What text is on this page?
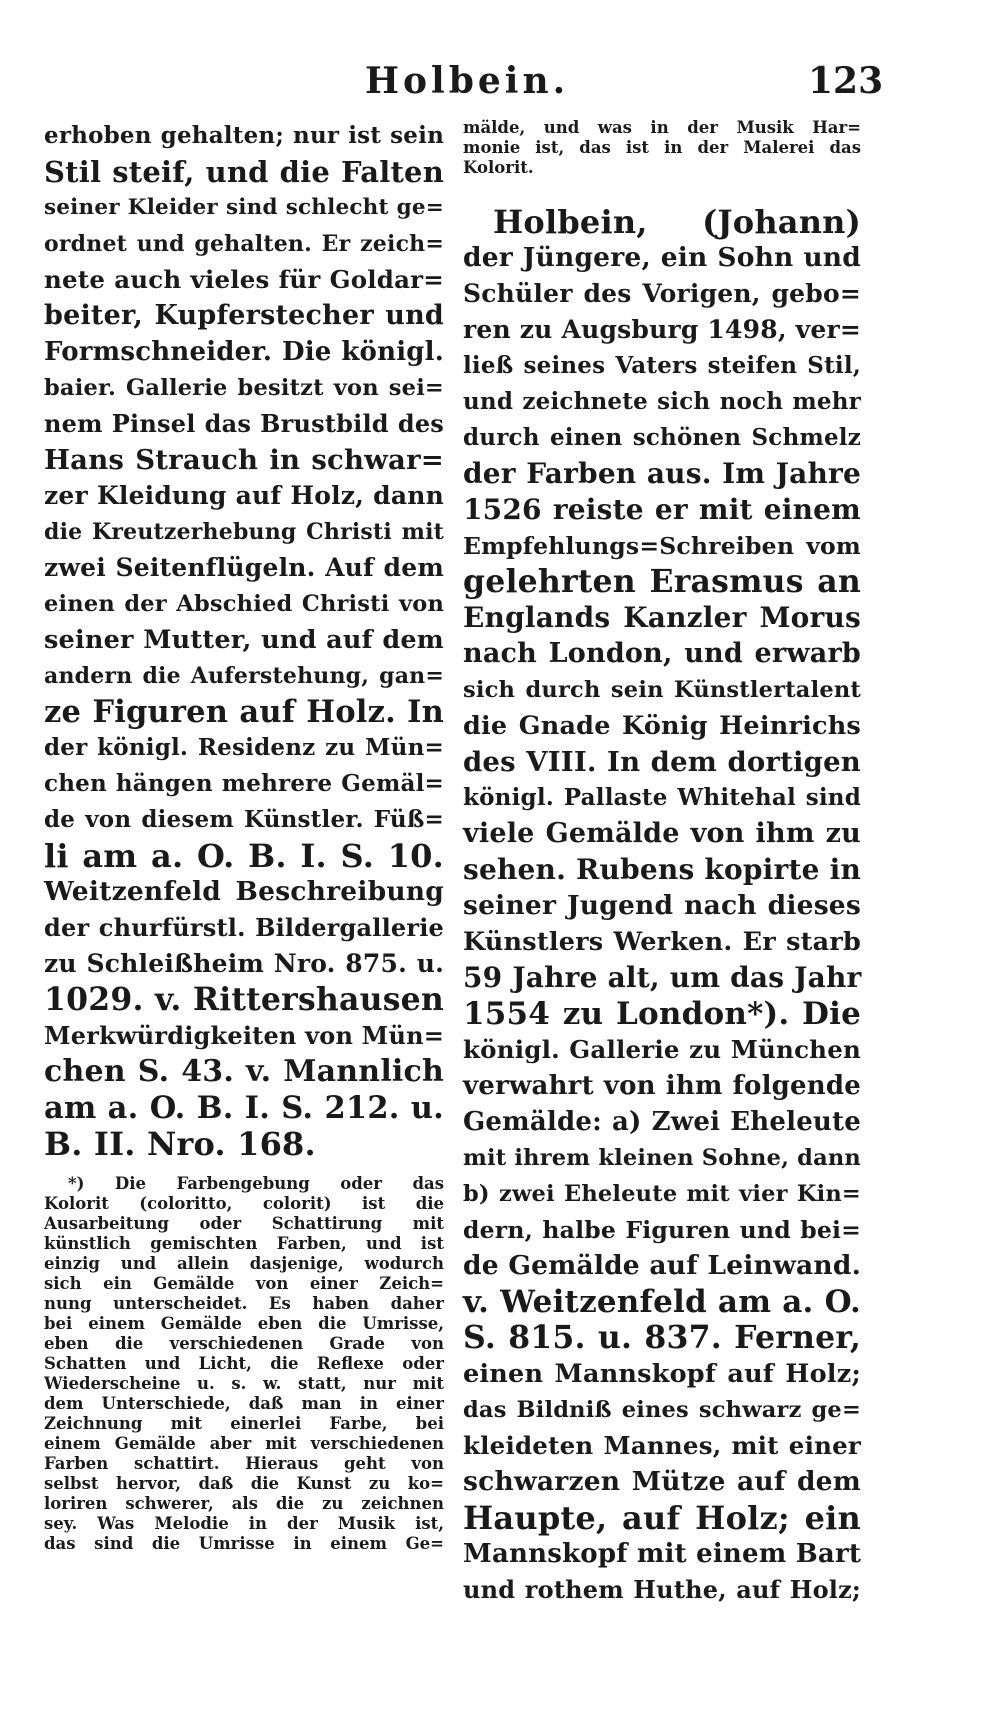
Holbein.	123
erhoben gehalten; nur ist sein
Stil steif, und die Falten
seiner Kleider sind schlecht ge=
ordnet und gehalten. Er zeich=
nete auch vieles für Goldar=
beiter, Kupferstecher und
Formschneider. Die königl.
baier. Gallerie besitzt von sei=
nem Pinsel das Brustbild des
Hans Strauch in schwar=
zer Kleidung auf Holz, dann
die Kreutzerhebung Christi mit
zwei Seitenflügeln. Auf dem
einen der Abschied Christi von
seiner Mutter, und auf dem
andern die Auferstehung, gan=
ze Figuren auf Holz. In
der königl. Residenz zu Mün=
chen hängen mehrere Gemäl=
de von diesem Künstler. Füß=
li am a. O. B. I. S. 10.
Weitzenfeld Beschreibung
der churfürstl. Bildergallerie
zu Schleißheim Nro. 875. u.
1029. v. Rittershausen
Merkwürdigkeiten von Mün=
chen S. 43. v. Mannlich
am a. O. B. I. S. 212. u.
B. II. Nro. 168.
*) Die Farbengebung oder das
Kolorit (coloritto, colorit) ist die
Ausarbeitung oder Schattirung mit
künstlich gemischten Farben, und ist
einzig und allein dasjenige, wodurch
sich ein Gemälde von einer Zeich=
nung unterscheidet. Es haben daher
bei einem Gemälde eben die Umrisse,
eben die verschiedenen Grade von
Schatten und Licht, die Reflexe oder
Wiederscheine u. s. w. statt, nur mit
dem Unterschiede, daß man in einer
Zeichnung mit einerlei Farbe, bei
einem Gemälde aber mit verschiedenen
Farben schattirt. Hieraus geht von
selbst hervor, daß die Kunst zu ko=
loriren schwerer, als die zu zeichnen
sey. Was Melodie in der Musik ist,
das sind die Umrisse in einem Ge=
mälde, und was in der Musik Har=
monie ist, das ist in der Malerei das
Kolorit.
Holbein, (Johann)
der Jüngere, ein Sohn und
Schüler des Vorigen, gebo=
ren zu Augsburg 1498, ver=
ließ seines Vaters steifen Stil,
und zeichnete sich noch mehr
durch einen schönen Schmelz
der Farben aus. Im Jahre
1526 reiste er mit einem
Empfehlungs=Schreiben vom
gelehrten Erasmus an
Englands Kanzler Morus
nach London, und erwarb
sich durch sein Künstlertalent
die Gnade König Heinrichs
des VIII. In dem dortigen
königl. Pallaste Whitehal sind
viele Gemälde von ihm zu
sehen. Rubens kopirte in
seiner Jugend nach dieses
Künstlers Werken. Er starb
59 Jahre alt, um das Jahr
1554 zu London*). Die
königl. Gallerie zu München
verwahrt von ihm folgende
Gemälde: a) Zwei Eheleute
mit ihrem kleinen Sohne, dann
b) zwei Eheleute mit vier Kin=
dern, halbe Figuren und bei=
de Gemälde auf Leinwand.
v. Weitzenfeld am a. O.
S. 815. u. 837. Ferner,
einen Mannskopf auf Holz;
das Bildniß eines schwarz ge=
kleideten Mannes, mit einer
schwarzen Mütze auf dem
Haupte, auf Holz; ein
Mannskopf mit einem Bart
und rothem Huthe, auf Holz;
